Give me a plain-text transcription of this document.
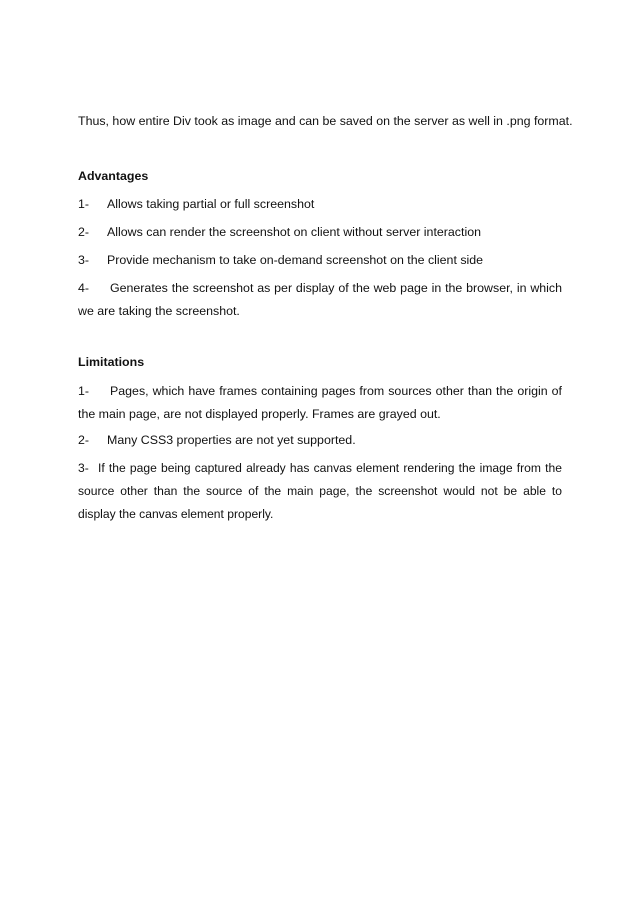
Thus, how entire Div took as image and can be saved on the server as well in .png format.

Advantages

1- Allows taking partial or full screenshot

2- Allows can render the screenshot on client without server interaction

3- Provide mechanism to take on-demand screenshot on the client side

4- Generates the screenshot as per display of the web page in the browser, in which we are taking the screenshot.

Limitations

1- Pages, which have frames containing pages from sources other than the origin of the main page, are not displayed properly. Frames are grayed out.

2- Many CSS3 properties are not yet supported.

3- If the page being captured already has canvas element rendering the image from the source other than the source of the main page, the screenshot would not be able to display the canvas element properly.
